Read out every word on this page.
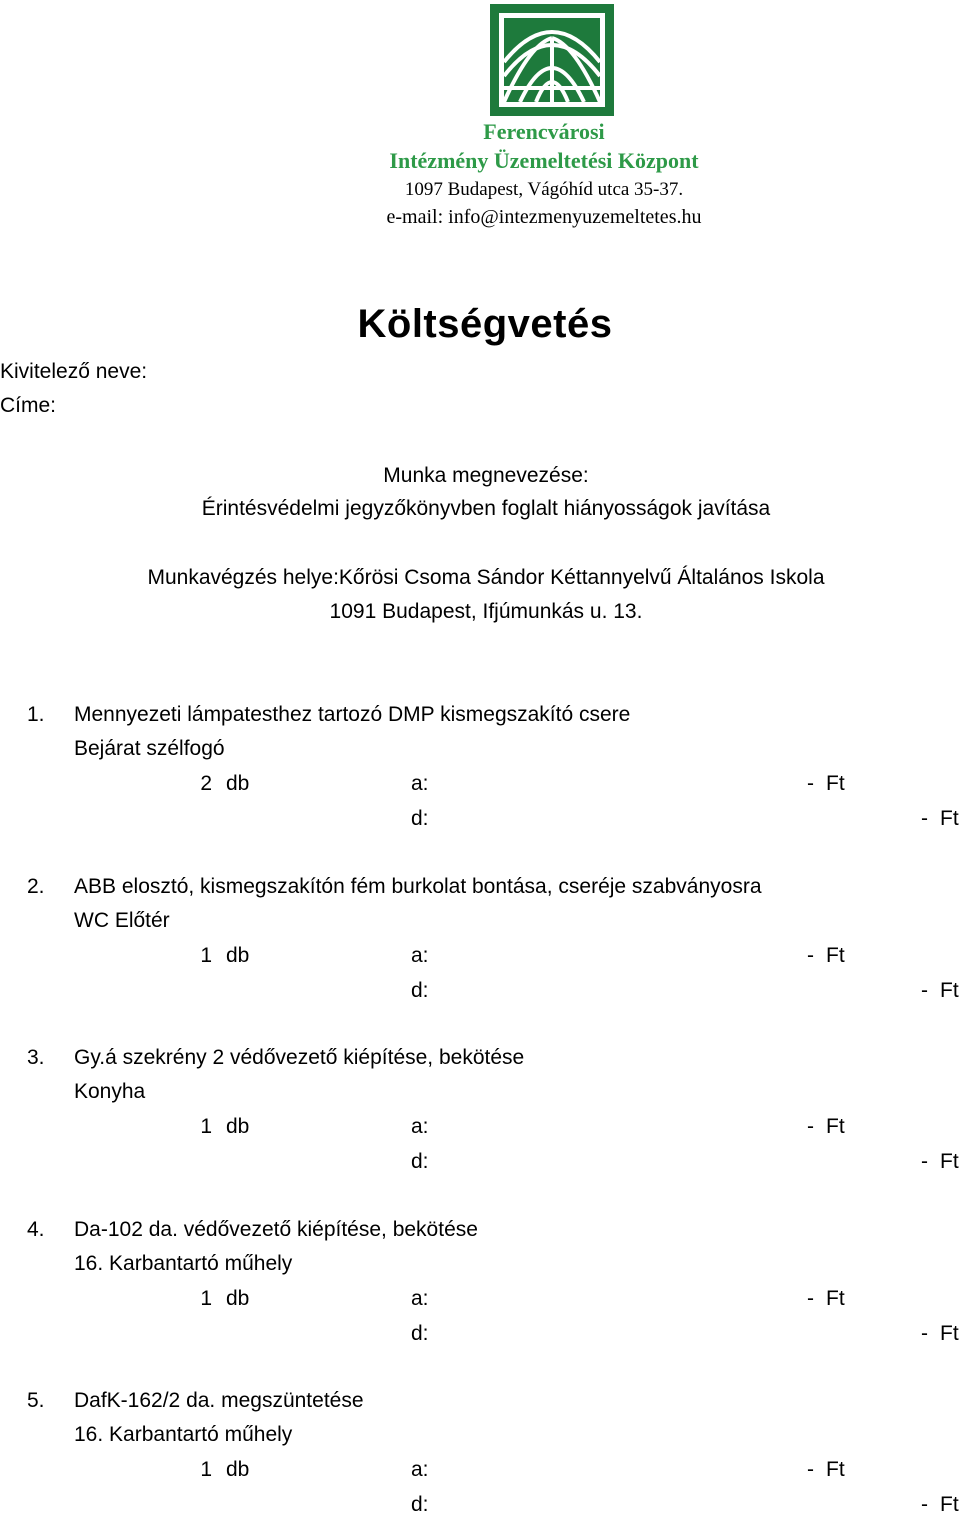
Ferencvárosi
Intézmény Üzemeltetési Központ
1097 Budapest, Vágóhíd utca 35-37.
e-mail: info@intezmenyuzemeltetes.hu
Költségvetés
Kivitelező neve:
Címe:
Munka megnevezése:
Érintésvédelmi jegyzőkönyvben foglalt hiányosságok javítása
Munkavégzés helye:Kőrösi Csoma Sándor Kéttannyelvű Általános Iskola
1091 Budapest, Ifjúmunkás u. 13.
1. Mennyezeti lámpatesthez tartozó DMP kismegszakító csere
Bejárat szélfogó
2 db	a:	- Ft
d:	- Ft
2. ABB elosztó, kismegszakítón fém burkolat bontása, cseréje szabványosra
WC Előtér
1 db	a:	- Ft
d:	- Ft
3. Gy.á szekrény 2 védővezető kiépítése, bekötése
Konyha
1 db	a:	- Ft
d:	- Ft
4. Da-102 da. védővezető kiépítése, bekötése
16. Karbantartó műhely
1 db	a:	- Ft
d:	- Ft
5. DafK-162/2 da. megszüntetése
16. Karbantartó műhely
1 db	a:	- Ft
d:	- Ft
